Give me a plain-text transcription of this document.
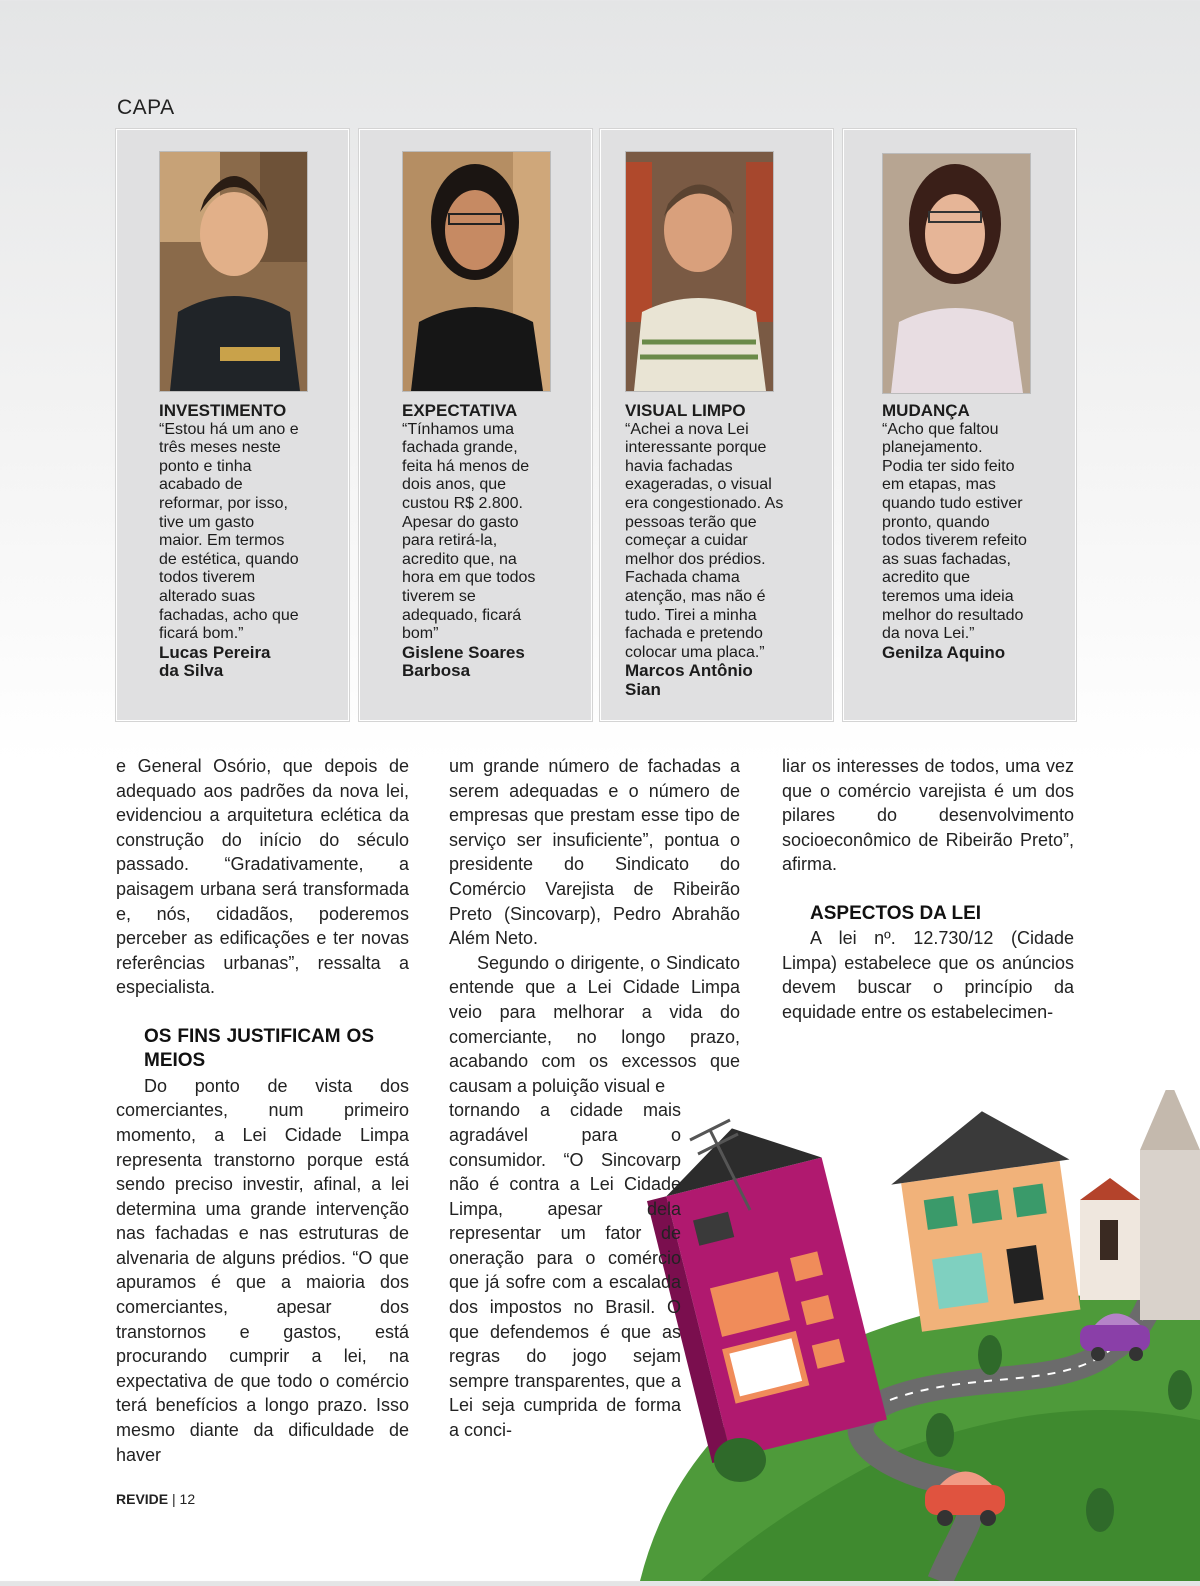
CAPA
INVESTIMENTO
“Estou há um ano e três meses neste ponto e tinha acabado de reformar, por isso, tive um gasto maior. Em termos de estética, quando todos tiverem alterado suas fachadas, acho que ficará bom.”
Lucas Pereira da Silva
EXPECTATIVA
“Tínhamos uma fachada grande, feita há menos de dois anos, que custou R$ 2.800. Apesar do gasto para retirá-la, acredito que, na hora em que todos tiverem se adequado, ficará bom”
Gislene Soares Barbosa
VISUAL LIMPO
“Achei a nova Lei interessante porque havia fachadas exageradas, o visual era congestionado. As pessoas terão que começar a cuidar melhor dos prédios. Fachada chama atenção, mas não é tudo. Tirei a minha fachada e pretendo colocar uma placa.”
Marcos Antônio Sian
MUDANÇA
“Acho que faltou planejamento. Podia ter sido feito em etapas, mas quando tudo estiver pronto, quando todos tiverem refeito as suas fachadas, acredito que teremos uma ideia melhor do resultado da nova Lei.”
Genilza Aquino

e General Osório, que depois de adequado aos padrões da nova lei, evidenciou a arquitetura eclética da construção do início do século passado. “Gradativamente, a paisagem urbana será transformada e, nós, cidadãos, poderemos perceber as edificações e ter novas referências urbanas”, ressalta a especialista.

OS FINS JUSTIFICAM OS MEIOS

Do ponto de vista dos comerciantes, num primeiro momento, a Lei Cidade Limpa representa transtorno porque está sendo preciso investir, afinal, a lei determina uma grande intervenção nas fachadas e nas estruturas de alvenaria de alguns prédios. “O que apuramos é que a maioria dos comerciantes, apesar dos transtornos e gastos, está procurando cumprir a lei, na expectativa de que todo o comércio terá benefícios a longo prazo. Isso mesmo diante da dificuldade de haver

um grande número de fachadas a serem adequadas e o número de empresas que prestam esse tipo de serviço ser insuficiente”, pontua o presidente do Sindicato do Comércio Varejista de Ribeirão Preto (Sincovarp), Pedro Abrahão Além Neto.

Segundo o dirigente, o Sindicato entende que a Lei Cidade Limpa veio para melhorar a vida do comerciante, no longo prazo, acabando com os excessos que causam a poluição visual e

tornando a cidade mais agradável para o consumidor. “O Sincovarp não é contra a Lei Cidade Limpa, apesar dela representar um fator de oneração para o comércio que já sofre com a escalada dos impostos no Brasil. O que defendemos é que as regras do jogo sejam sempre transparentes, que a Lei seja cumprida de forma a conci-

liar os interesses de todos, uma vez que o comércio varejista é um dos pilares do desenvolvimento socioeconômico de Ribeirão Preto”, afirma.

ASPECTOS DA LEI

A lei nº. 12.730/12 (Cidade Limpa) estabelece que os anúncios devem buscar o princípio da equidade entre os estabelecimen-

REVIDE | 12
